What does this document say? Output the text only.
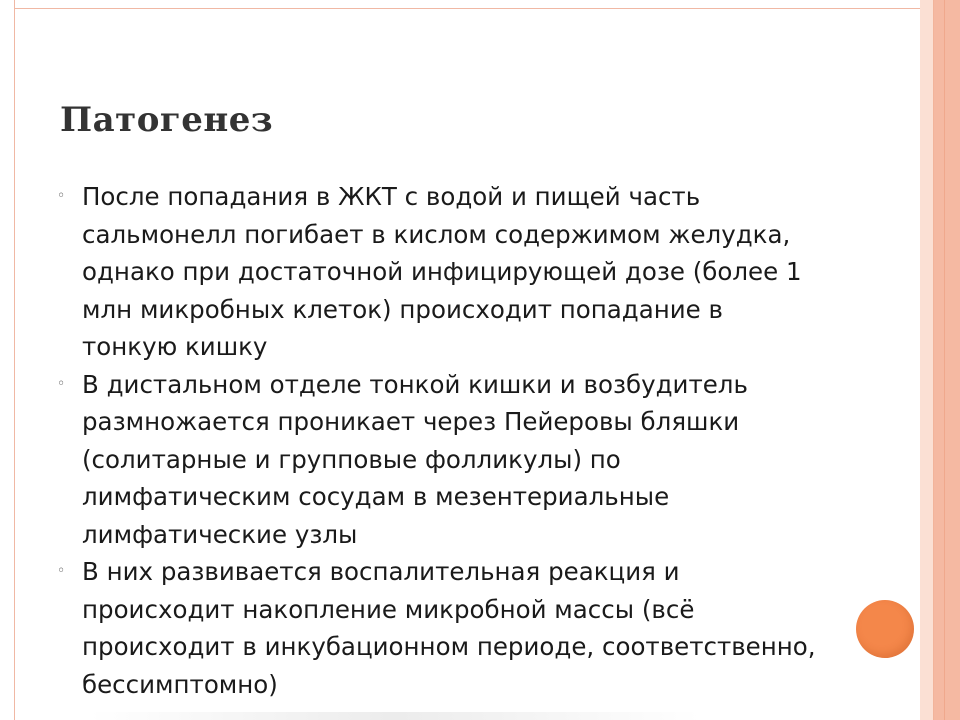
Патогенез
◦ После попадания в ЖКТ с водой и пищей часть сальмонелл погибает в кислом содержимом желудка, однако при достаточной инфицирующей дозе (более 1 млн микробных клеток) происходит попадание в тонкую кишку
◦ В дистальном отделе тонкой кишки и возбудитель размножается проникает через Пейеровы бляшки (солитарные и групповые фолликулы) по лимфатическим сосудам в мезентериальные лимфатические узлы
◦ В них развивается воспалительная реакция и происходит накопление микробной массы (всё происходит в инкубационном периоде, соответственно, бессимптомно)
